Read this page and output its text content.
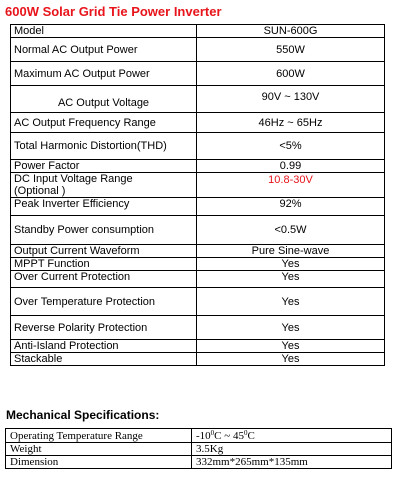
600W Solar Grid Tie Power Inverter
Model	SUN-600G
Normal AC Output Power	550W
Maximum AC Output Power	600W
AC Output Voltage	90V ~ 130V
AC Output Frequency Range	46Hz ~ 65Hz
Total Harmonic Distortion(THD)	<5%
Power Factor	0.99

DC Input Voltage Range
(Optional )	10.8-30V
Peak Inverter Efficiency	92%
Standby Power consumption	<0.5W
Output Current Waveform	Pure Sine-wave
MPPT Function	Yes
Over Current Protection	Yes
Over Temperature Protection	Yes
Reverse Polarity Protection	Yes
Anti-Island Protection	Yes
Stackable	Yes
Mechanical Specifications:
Operating Temperature Range	$-10^0C$ ~ $45^0C$
Weight	3.5Kg
Dimension	332mm*265mm*135mm
